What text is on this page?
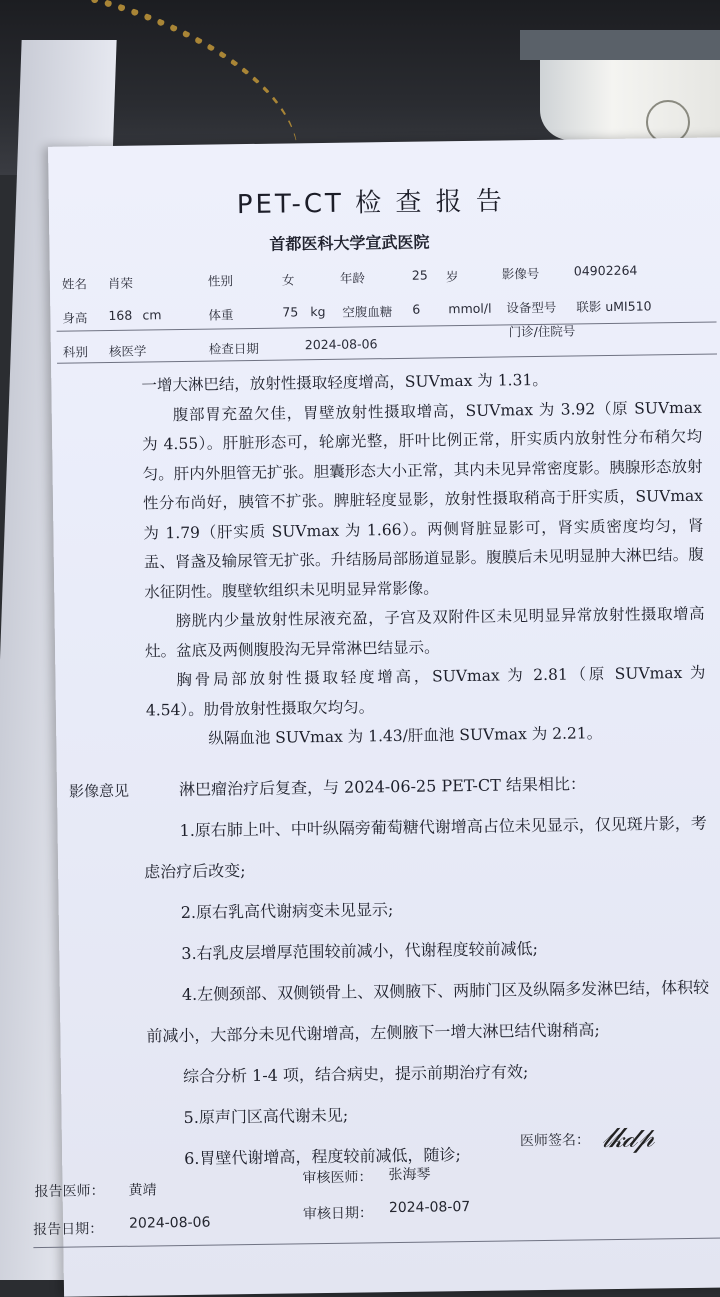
PET-CT 检 查 报 告
首都医科大学宣武医院
姓名 肖荣	性别	女	年龄	25 岁	影像号	04902264
身高 168 cm	体重	75 kg 空腹血糖 6 mmol/l 设备型号 联影 uMI510
科别 核医学	检查日期	2024-08-06
门诊/住院号

一增大淋巴结，放射性摄取轻度增高，SUVmax 为 1.31。

腹部胃充盈欠佳，胃壁放射性摄取增高，SUVmax 为 3.92（原 SUVmax 为 4.55）。肝脏形态可，轮廓光整，肝叶比例正常，肝实质内放射性分布稍欠均匀。肝内外胆管无扩张。胆囊形态大小正常，其内未见异常密度影。胰腺形态放射性分布尚好，胰管不扩张。脾脏轻度显影，放射性摄取稍高于肝实质，SUVmax 为 1.79（肝实质 SUVmax 为 1.66）。两侧肾脏显影可，肾实质密度均匀，肾盂、肾盏及输尿管无扩张。升结肠局部肠道显影。腹膜后未见明显肿大淋巴结。腹水征阴性。腹壁软组织未见明显异常影像。

膀胱内少量放射性尿液充盈，子宫及双附件区未见明显异常放射性摄取增高灶。盆底及两侧腹股沟无异常淋巴结显示。

胸骨局部放射性摄取轻度增高，SUVmax 为 2.81（原 SUVmax 为 4.54）。肋骨放射性摄取欠均匀。

纵隔血池 SUVmax 为 1.43/肝血池 SUVmax 为 2.21。

影像意见	淋巴瘤治疗后复查，与 2024-06-25 PET-CT 结果相比：

1.原右肺上叶、中叶纵隔旁葡萄糖代谢增高占位未见显示，仅见斑片影，考虑治疗后改变;

2.原右乳高代谢病变未见显示;

3.右乳皮层增厚范围较前减小，代谢程度较前减低;

4.左侧颈部、双侧锁骨上、双侧腋下、两肺门区及纵隔多发淋巴结，体积较前减小，大部分未见代谢增高，左侧腋下一增大淋巴结代谢稍高;

综合分析 1-4 项，结合病史，提示前期治疗有效;

5.原声门区高代谢未见;

6.胃壁代谢增高，程度较前减低，随诊;

医师签名： 𝓁𝓀𝒹𝓅
报告医师： 黄靖
审核医师： 张海琴
报告日期： 2024-08-06
审核日期： 2024-08-07
